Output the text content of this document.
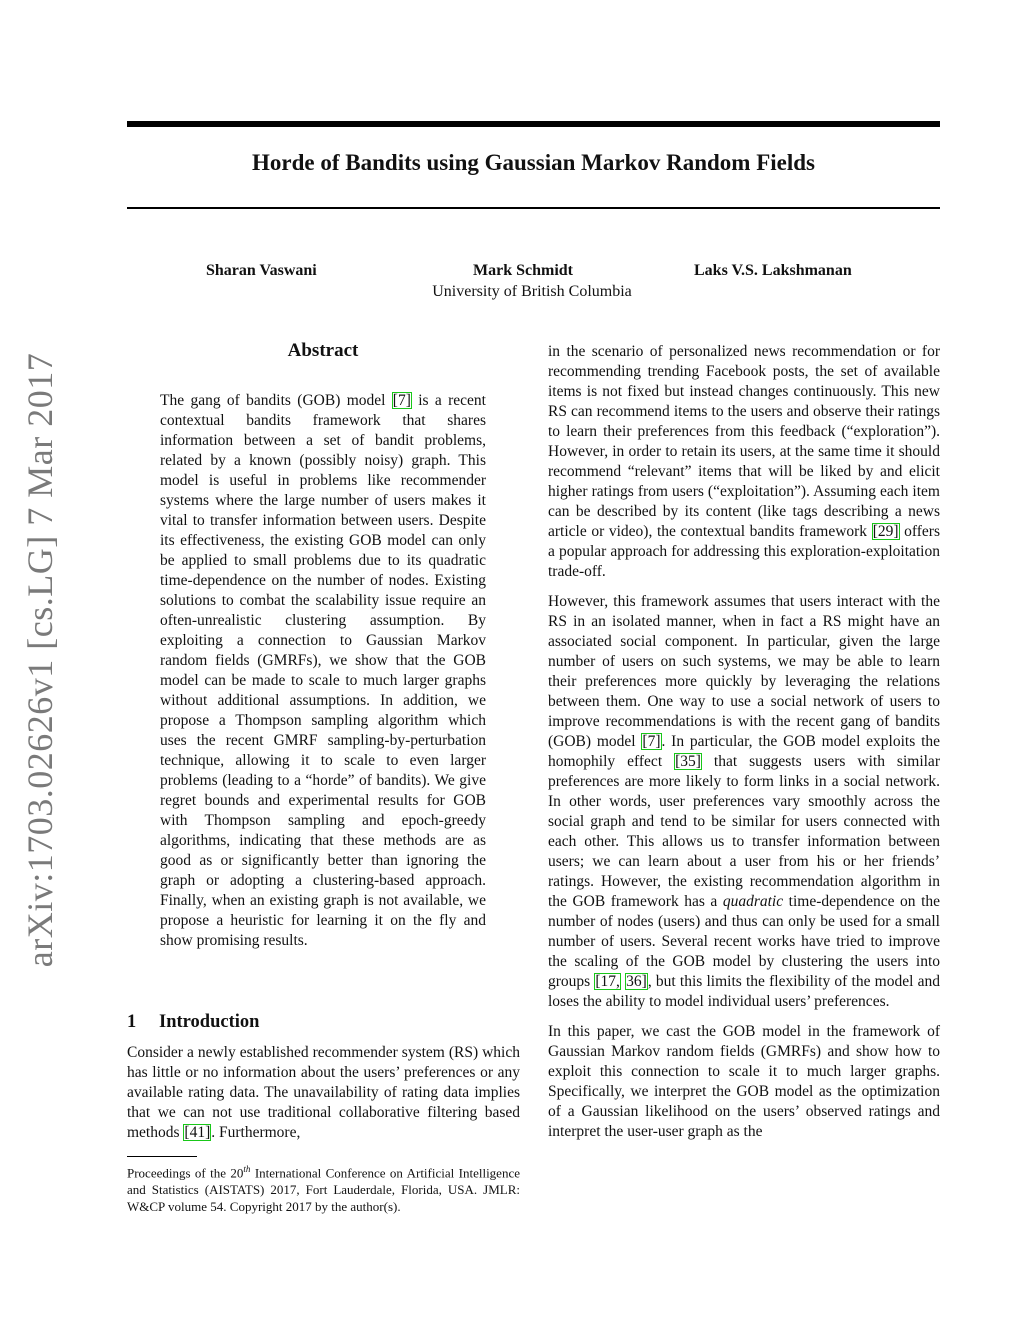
arXiv:1703.02626v1 [cs.LG] 7 Mar 2017
Horde of Bandits using Gaussian Markov Random Fields
Sharan Vaswani	Mark Schmidt	Laks V.S. Lakshmanan
University of British Columbia
Abstract

The gang of bandits (GOB) model [7] is a recent contextual bandits framework that shares information between a set of bandit problems, related by a known (possibly noisy) graph. This model is useful in problems like recommender systems where the large number of users makes it vital to transfer information between users. Despite its effectiveness, the existing GOB model can only be applied to small problems due to its quadratic time-dependence on the number of nodes. Existing solutions to combat the scalability issue require an often-unrealistic clustering assumption. By exploiting a connection to Gaussian Markov random fields (GMRFs), we show that the GOB model can be made to scale to much larger graphs without additional assumptions. In addition, we propose a Thompson sampling algorithm which uses the recent GMRF sampling-by-perturbation technique, allowing it to scale to even larger problems (leading to a “horde” of bandits). We give regret bounds and experimental results for GOB with Thompson sampling and epoch-greedy algorithms, indicating that these methods are as good as or significantly better than ignoring the graph or adopting a clustering-based approach. Finally, when an existing graph is not available, we propose a heuristic for learning it on the fly and show promising results.

1 Introduction

Consider a newly established recommender system (RS) which has little or no information about the users’ preferences or any available rating data. The unavailability of rating data implies that we can not use traditional collaborative filtering based methods [41]. Furthermore,

Proceedings of the 20th International Conference on Artificial Intelligence and Statistics (AISTATS) 2017, Fort Lauderdale, Florida, USA. JMLR: W&CP volume 54. Copyright 2017 by the author(s).

in the scenario of personalized news recommendation or for recommending trending Facebook posts, the set of available items is not fixed but instead changes continuously. This new RS can recommend items to the users and observe their ratings to learn their preferences from this feedback (“exploration”). However, in order to retain its users, at the same time it should recommend “relevant” items that will be liked by and elicit higher ratings from users (“exploitation”). Assuming each item can be described by its content (like tags describing a news article or video), the contextual bandits framework [29] offers a popular approach for addressing this exploration-exploitation trade-off.

However, this framework assumes that users interact with the RS in an isolated manner, when in fact a RS might have an associated social component. In particular, given the large number of users on such systems, we may be able to learn their preferences more quickly by leveraging the relations between them. One way to use a social network of users to improve recommendations is with the recent gang of bandits (GOB) model [7]. In particular, the GOB model exploits the homophily effect [35] that suggests users with similar preferences are more likely to form links in a social network. In other words, user preferences vary smoothly across the social graph and tend to be similar for users connected with each other. This allows us to transfer information between users; we can learn about a user from his or her friends’ ratings. However, the existing recommendation algorithm in the GOB framework has a quadratic time-dependence on the number of nodes (users) and thus can only be used for a small number of users. Several recent works have tried to improve the scaling of the GOB model by clustering the users into groups [17, 36], but this limits the flexibility of the model and loses the ability to model individual users’ preferences.

In this paper, we cast the GOB model in the framework of Gaussian Markov random fields (GMRFs) and show how to exploit this connection to scale it to much larger graphs. Specifically, we interpret the GOB model as the optimization of a Gaussian likelihood on the users’ observed ratings and interpret the user-user graph as the
